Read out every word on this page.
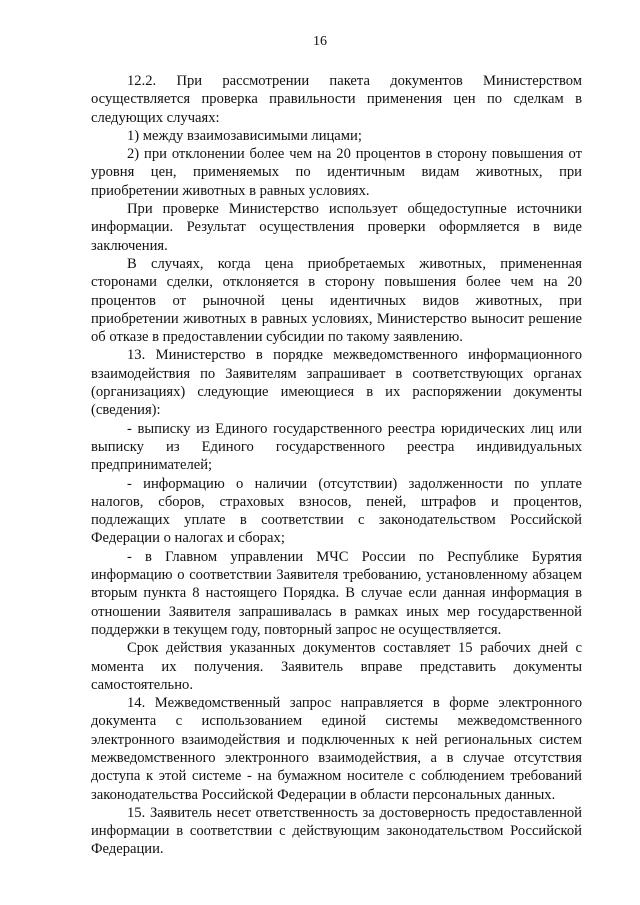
16

12.2. При рассмотрении пакета документов Министерством осуществляется проверка правильности применения цен по сделкам в следующих случаях:

1) между взаимозависимыми лицами;

2) при отклонении более чем на 20 процентов в сторону повышения от уровня цен, применяемых по идентичным видам животных, при приобретении животных в равных условиях.

При проверке Министерство использует общедоступные источники информации. Результат осуществления проверки оформляется в виде заключения.

В случаях, когда цена приобретаемых животных, примененная сторонами сделки, отклоняется в сторону повышения более чем на 20 процентов от рыночной цены идентичных видов животных, при приобретении животных в равных условиях, Министерство выносит решение об отказе в предоставлении субсидии по такому заявлению.

13. Министерство в порядке межведомственного информационного взаимодействия по Заявителям запрашивает в соответствующих органах (организациях) следующие имеющиеся в их распоряжении документы (сведения):

- выписку из Единого государственного реестра юридических лиц или выписку из Единого государственного реестра индивидуальных предпринимателей;

- информацию о наличии (отсутствии) задолженности по уплате налогов, сборов, страховых взносов, пеней, штрафов и процентов, подлежащих уплате в соответствии с законодательством Российской Федерации о налогах и сборах;

- в Главном управлении МЧС России по Республике Бурятия информацию о соответствии Заявителя требованию, установленному абзацем вторым пункта 8 настоящего Порядка. В случае если данная информация в отношении Заявителя запрашивалась в рамках иных мер государственной поддержки в текущем году, повторный запрос не осуществляется.

Срок действия указанных документов составляет 15 рабочих дней с момента их получения. Заявитель вправе представить документы самостоятельно.

14. Межведомственный запрос направляется в форме электронного документа с использованием единой системы межведомственного электронного взаимодействия и подключенных к ней региональных систем межведомственного электронного взаимодействия, а в случае отсутствия доступа к этой системе - на бумажном носителе с соблюдением требований законодательства Российской Федерации в области персональных данных.

15. Заявитель несет ответственность за достоверность предоставленной информации в соответствии с действующим законодательством Российской Федерации.
